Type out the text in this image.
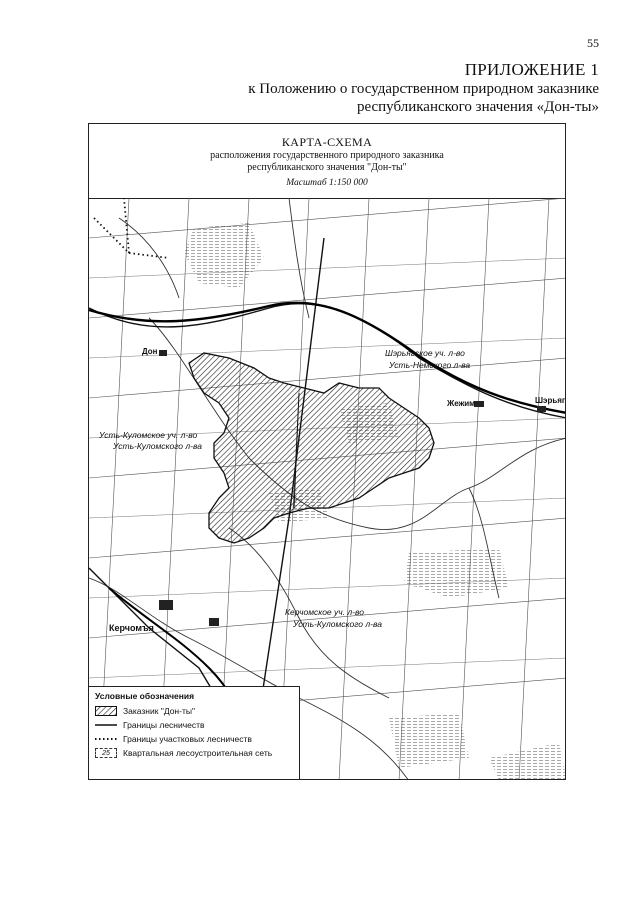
55
ПРИЛОЖЕНИЕ 1
к Положению о государственном природном заказнике
республиканского значения «Дон-ты»
КАРТА-СХЕМА
расположения государственного природного заказника
республиканского значения "Дон-ты"
Масштаб 1:150 000
Дон
Жежим	Шэрьяг
Керчомъя
Шэрьягское уч. л-во
Усть-Немского л-ва
Усть-Куломское уч. л-во
Усть-Куломского л-ва
Керчомское уч. л-во
Усть-Куломского л-ва
Условные обозначения
Заказник "Дон-ты"
Границы лесничеств
Границы участковых лесничеств
25	Квартальная лесоустроительная сеть
